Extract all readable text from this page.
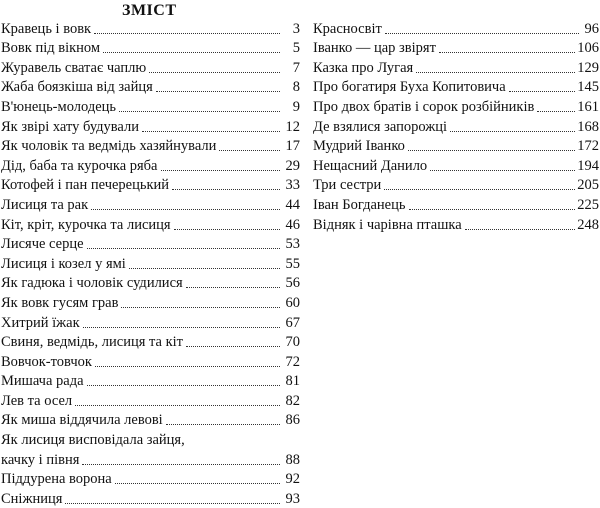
ЗМІСТ
Кравець і вовк	3
Вовк під вікном	5
Журавель сватає чаплю	7
Жаба боязкіша від зайця	8
В'юнець-молодець	9
Як звірі хату будували	12
Як чоловік та ведмідь хазяйнували	17
Дід, баба та курочка ряба	29
Котофей і пан печерецький	33
Лисиця та рак	44
Кіт, кріт, курочка та лисиця	46
Лисяче серце	53
Лисиця і козел у ямі	55
Як гадюка і чоловік судилися	56
Як вовк гусям грав	60
Хитрий їжак	67
Свиня, ведмідь, лисиця та кіт	70
Вовчок-товчок	72
Мишача рада	81
Лев та осел	82
Як миша віддячила левові	86
Як лисиця висповідала зайця,
качку і півня	88
Піддурена ворона	92
Сніжниця	93
Красносвіт	96
Іванко — цар звірят	106
Казка про Лугая	129
Про богатиря Буха Копитовича	145
Про двох братів і сорок розбійників	161
Де взялися запорожці	168
Мудрий Іванко	172
Нещасний Данило	194
Три сестри	205
Іван Богданець	225
Відняк і чарівна пташка	248
